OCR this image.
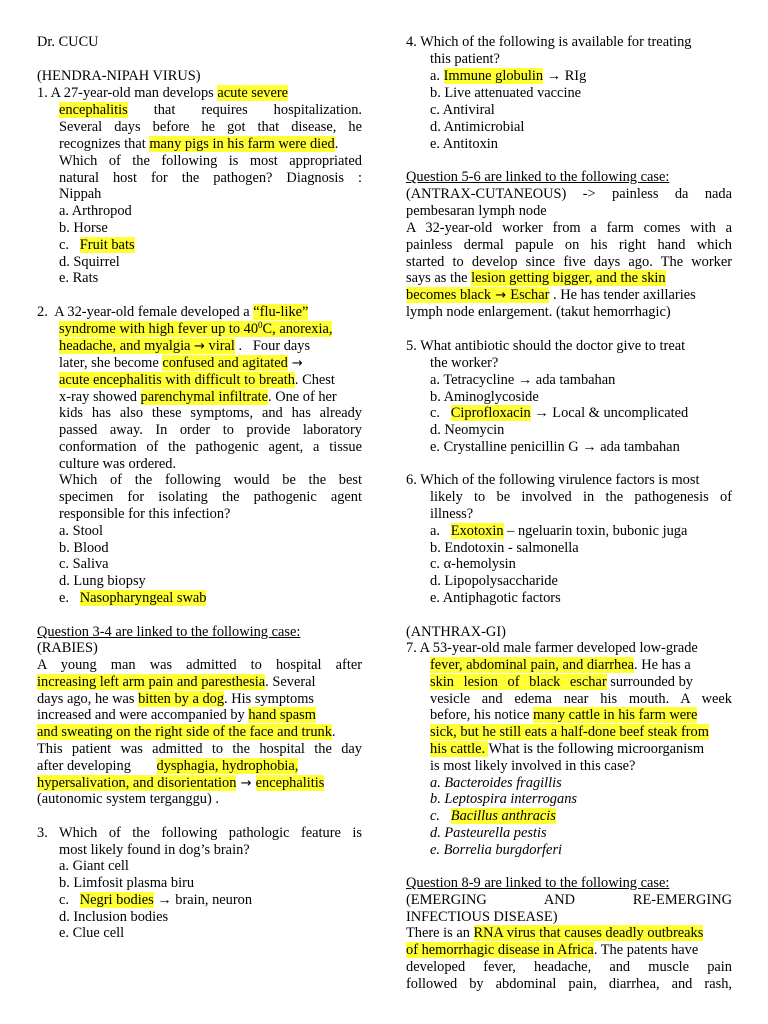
Dr. CUCU
(HENDRA-NIPAH VIRUS)
1. A 27-year-old man develops acute severe
encephalitis that requires hospitalization.
Several days before he got that disease, he
recognizes that many pigs in his farm were died.
Which of the following is most appropriated
natural host for the pathogen? Diagnosis :
Nippah
a. Arthropod
b. Horse
c.   Fruit bats
d. Squirrel
e. Rats
2.  A 32-year-old female developed a “flu-like”
syndrome with high fever up to $40^0C$, anorexia,
headache, and myalgia → viral .   Four days
later, she become confused and agitated →
acute encephalitis with difficult to breath. Chest
x-ray showed parenchymal infiltrate. One of her
kids has also these symptoms, and has already
passed away. In order to provide laboratory
conformation of the pathogenic agent, a tissue
culture was ordered.
Which of the following would be the best
specimen for isolating the pathogenic agent
responsible for this infection?
a. Stool
b. Blood
c. Saliva
d. Lung biopsy
e.   Nasopharyngeal swab
Question 3-4 are linked to the following case:
(RABIES)
A young man was admitted to hospital after
increasing left arm pain and paresthesia. Several
days ago, he was bitten by a dog. His symptoms
increased and were accompanied by hand spasm
and sweating on the right side of the face and trunk.
This patient was admitted to the hospital the day
after developing dysphagia, hydrophobia,
hypersalivation, and disorientation → encephalitis
(autonomic system terganggu) .
3. Which of the following pathologic feature is
most likely found in dog’s brain?
a. Giant cell
b. Limfosit plasma biru
c.   Negri bodies → brain, neuron
d. Inclusion bodies
e. Clue cell
4. Which of the following is available for treating
this patient?
a. Immune globulin → RIg
b. Live attenuated vaccine
c. Antiviral
d. Antimicrobial
e. Antitoxin
Question 5-6 are linked to the following case:
(ANTRAX-CUTANEOUS) -> painless da nada
pembesaran lymph node
A 32-year-old worker from a farm comes with a
painless dermal papule on his right hand which
started to develop since five days ago. The worker
says as the lesion getting bigger, and the skin
becomes black → Eschar . He has tender axillaries
lymph node enlargement. (takut hemorrhagic)
5. What antibiotic should the doctor give to treat
the worker?
a. Tetracycline → ada tambahan
b. Aminoglycoside
c.   Ciprofloxacin → Local & uncomplicated
d. Neomycin
e. Crystalline penicillin G → ada tambahan
6. Which of the following virulence factors is most
likely to be involved in the pathogenesis of
illness?
a.   Exotoxin – ngeluarin toxin, bubonic juga
b. Endotoxin - salmonella
c. α-hemolysin
d. Lipopolysaccharide
e. Antiphagotic factors
(ANTHRAX-GI)
7. A 53-year-old male farmer developed low-grade
fever, abdominal pain, and diarrhea. He has a
skin lesion of black eschar surrounded by
vesicle and edema near his mouth. A week
before, his notice many cattle in his farm were
sick, but he still eats a half-done beef steak from
his cattle. What is the following microorganism
is most likely involved in this case?
a. Bacteroides fragillis
b. Leptospira interrogans
c.   Bacillus anthracis
d. Pasteurella pestis
e. Borrelia burgdorferi
Question 8-9 are linked to the following case:
(EMERGING AND RE-EMERGING
INFECTIOUS DISEASE)
There is an RNA virus that causes deadly outbreaks
of hemorrhagic disease in Africa. The patents have
developed fever, headache, and muscle pain
followed by abdominal pain, diarrhea, and rash,
